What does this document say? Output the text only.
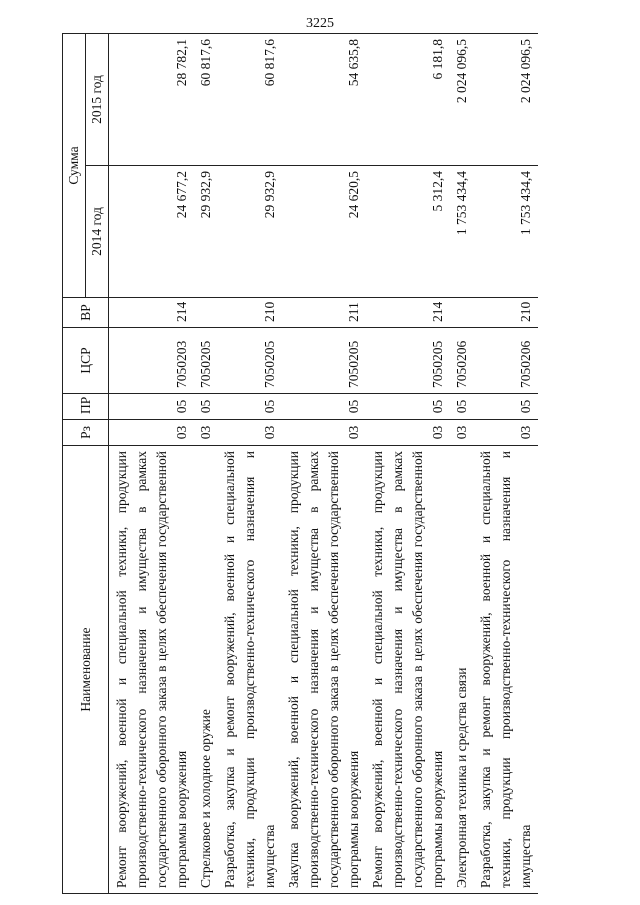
3225
Наименование	Рз	ПР	ЦСР	ВР	Сумма	
					2014 год	2015 год
Ремонт вооружений, военной и специальной техники, продукции производственно-технического назначения и имущества в рамках государственного оборонного заказа в целях обеспечения государственной программы вооружения	03	05	7050203	214	24 677,2	28 782,1
Стрелковое и холодное оружие	03	05	7050205		29 932,9	60 817,6
Разработка, закупка и ремонт вооружений, военной и специальной техники, продукции производственно-технического назначения и имущества	03	05	7050205	210	29 932,9	60 817,6
Закупка вооружений, военной и специальной техники, продукции производственно-технического назначения и имущества в рамках государственного оборонного заказа в целях обеспечения государственной программы вооружения	03	05	7050205	211	24 620,5	54 635,8
Ремонт вооружений, военной и специальной техники, продукции производственно-технического назначения и имущества в рамках государственного оборонного заказа в целях обеспечения государственной программы вооружения	03	05	7050205	214	5 312,4	6 181,8
Электронная техника и средства связи	03	05	7050206		1 753 434,4	2 024 096,5
Разработка, закупка и ремонт вооружений, военной и специальной техники, продукции производственно-технического назначения и имущества	03	05	7050206	210	1 753 434,4	2 024 096,5
